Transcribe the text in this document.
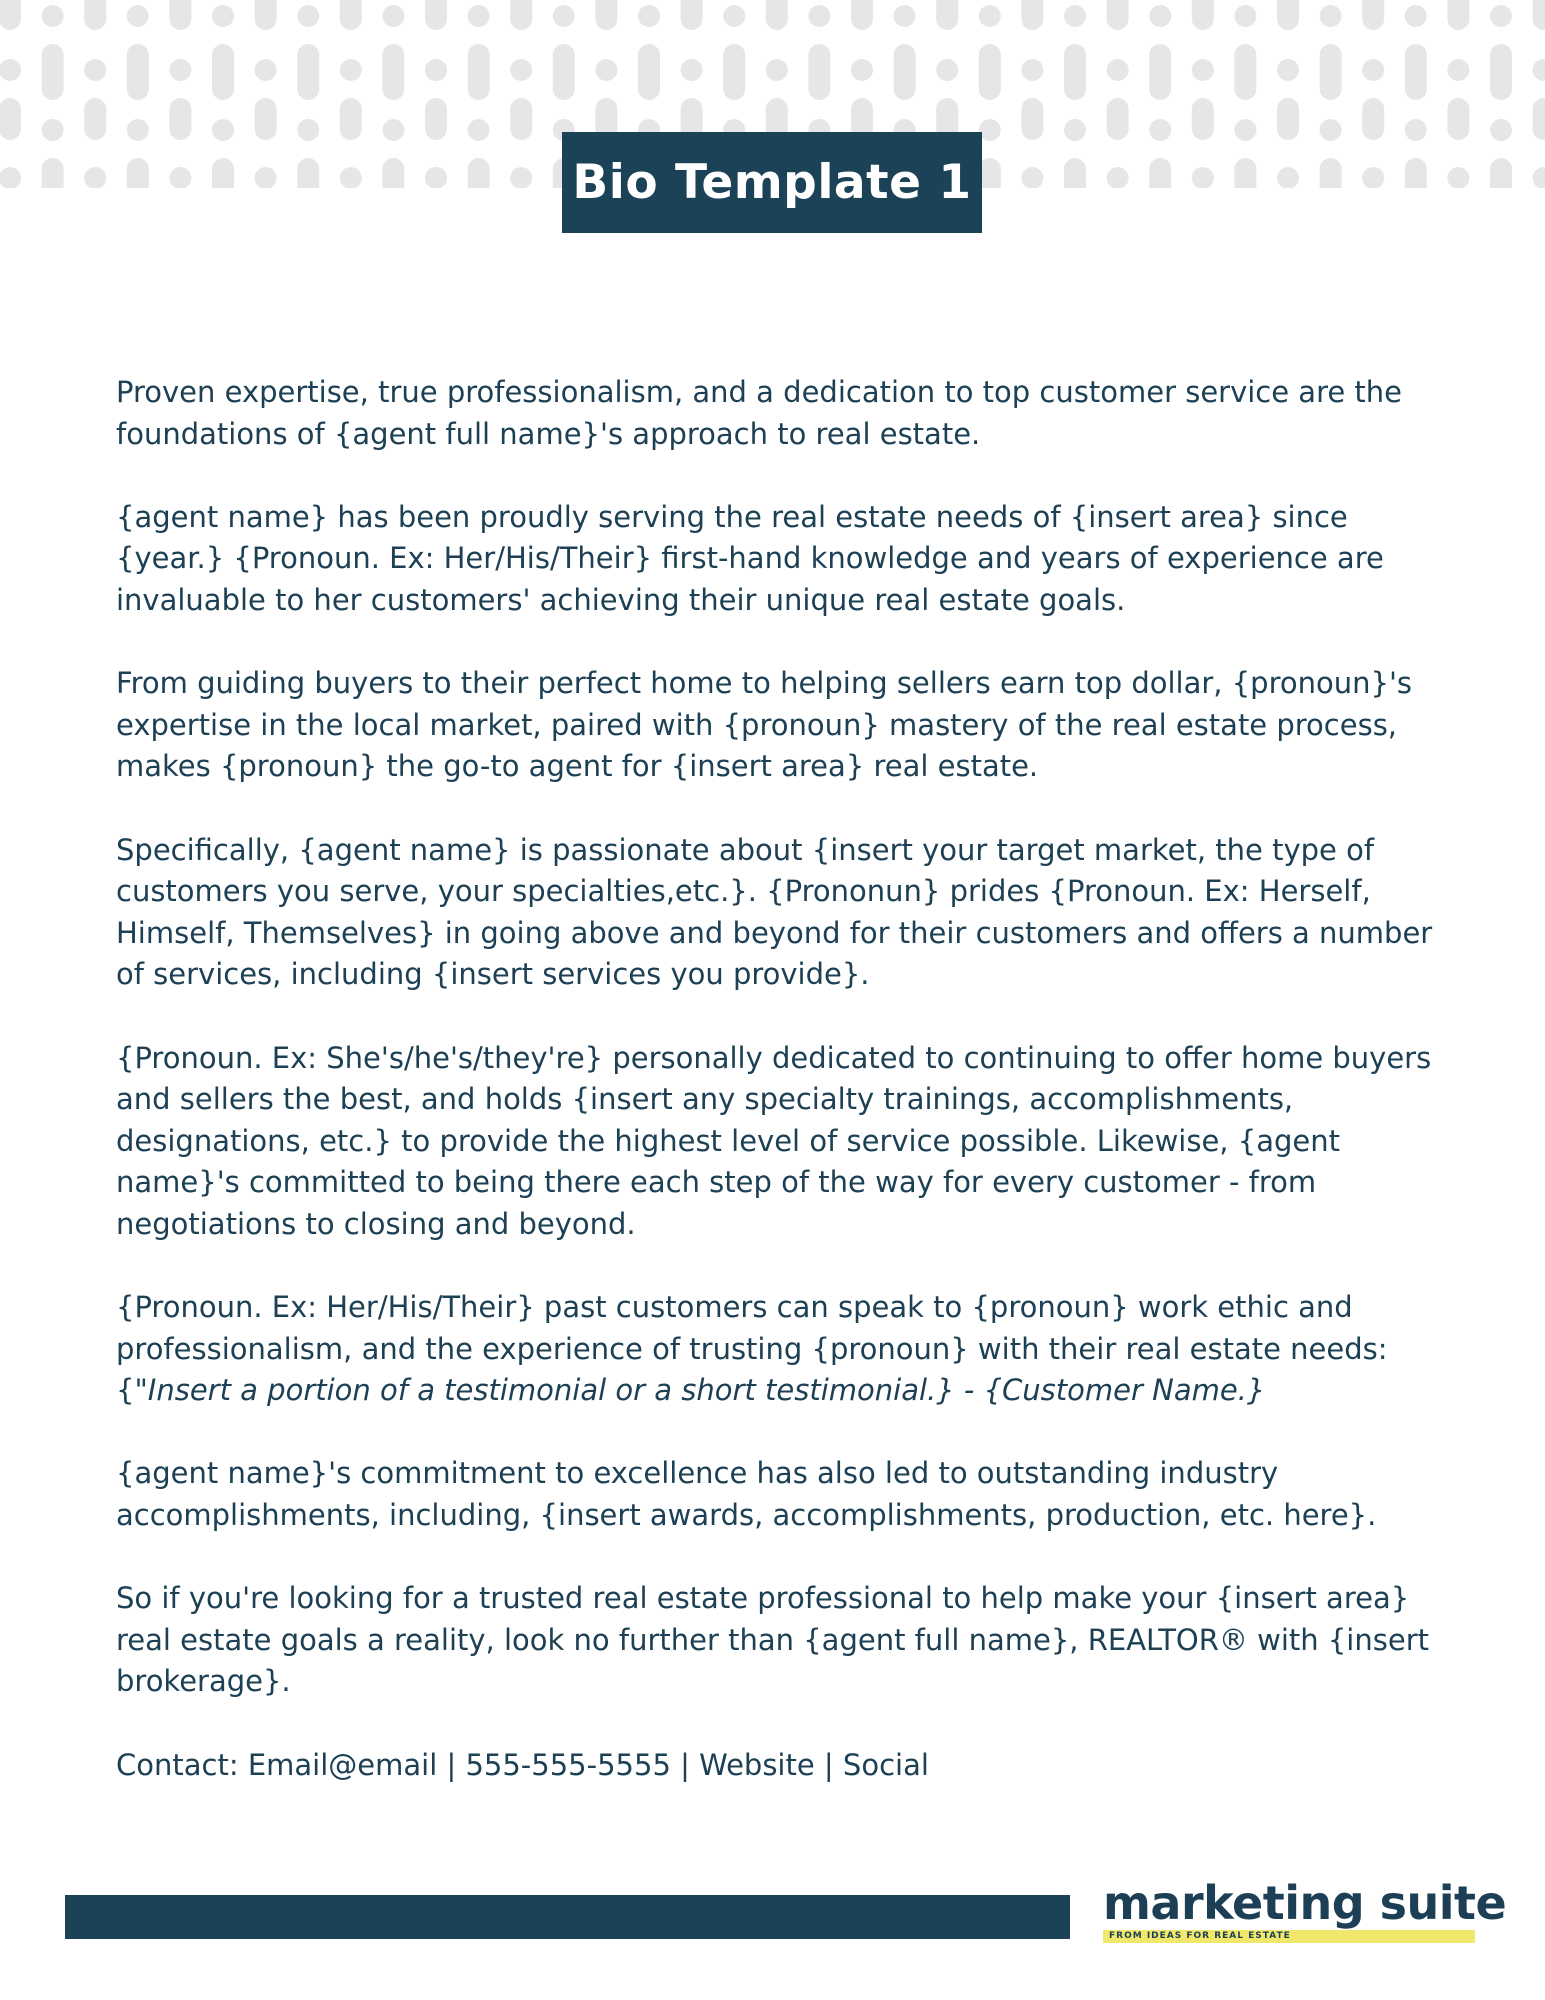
Bio Template 1

Proven expertise, true professionalism, and a dedication to top customer service are the foundations of {agent full name}'s approach to real estate.

{agent name} has been proudly serving the real estate needs of {insert area} since {year.} {Pronoun. Ex: Her/His/Their} first-hand knowledge and years of experience are invaluable to her customers' achieving their unique real estate goals.

From guiding buyers to their perfect home to helping sellers earn top dollar, {pronoun}'s expertise in the local market, paired with {pronoun} mastery of the real estate process, makes {pronoun} the go-to agent for {insert area} real estate.

Specifically, {agent name} is passionate about {insert your target market, the type of customers you serve, your specialties,etc.}. {Prononun} prides {Pronoun. Ex: Herself, Himself, Themselves} in going above and beyond for their customers and offers a number of services, including {insert services you provide}.

{Pronoun. Ex: She's/he's/they're} personally dedicated to continuing to offer home buyers and sellers the best, and holds {insert any specialty trainings, accomplishments, designations, etc.} to provide the highest level of service possible. Likewise, {agent name}'s committed to being there each step of the way for every customer - from negotiations to closing and beyond.

{Pronoun. Ex: Her/His/Their} past customers can speak to {pronoun} work ethic and professionalism, and the experience of trusting {pronoun} with their real estate needs: {"Insert a portion of a testimonial or a short testimonial.} - {Customer Name.}

{agent name}'s commitment to excellence has also led to outstanding industry accomplishments, including, {insert awards, accomplishments, production, etc. here}.

So if you're looking for a trusted real estate professional to help make your {insert area} real estate goals a reality, look no further than {agent full name}, REALTOR® with {insert brokerage}.

Contact: Email@email | 555-555-5555 | Website | Social

marketing suite
FROM IDEAS FOR REAL ESTATE
